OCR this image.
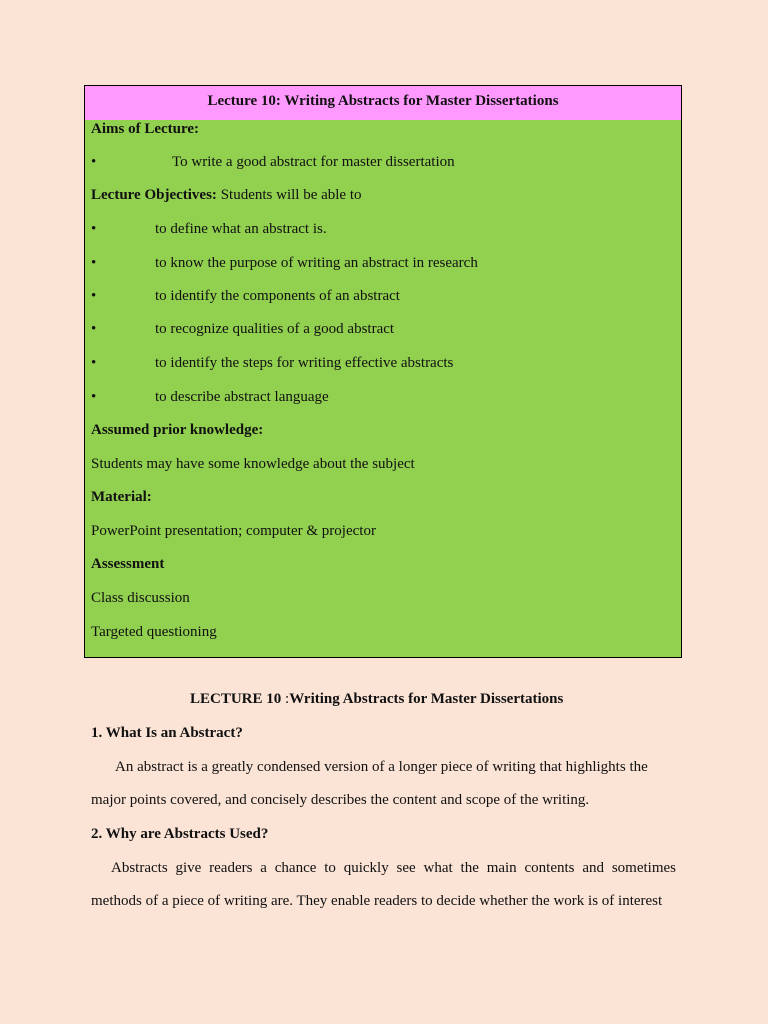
Lecture 10: Writing Abstracts for Master Dissertations
Aims of Lecture:
•	To write a good abstract for master dissertation
Lecture Objectives: Students will be able to
•	to define what an abstract is.
•	to know the purpose of writing an abstract in research
•	to identify the components of an abstract
•	to recognize qualities of a good abstract
•	to identify the steps for writing effective abstracts
•	to describe abstract language
Assumed prior knowledge:
Students may have some knowledge about the subject
Material:
PowerPoint presentation; computer & projector
Assessment
Class discussion
Targeted questioning
LECTURE 10 :Writing Abstracts for Master Dissertations
1. What Is an Abstract?
An abstract is a greatly condensed version of a longer piece of writing that highlights the
major points covered, and concisely describes the content and scope of the writing.
2. Why are Abstracts Used?
Abstracts give readers a chance to quickly see what the main contents and sometimes
methods of a piece of writing are. They enable readers to decide whether the work is of interest
